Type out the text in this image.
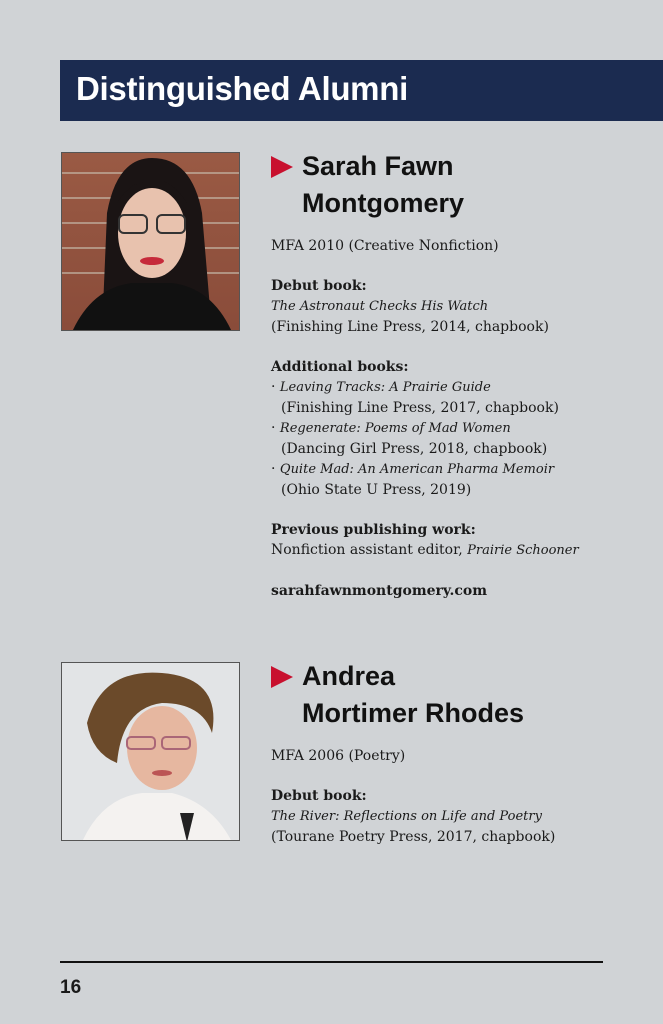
Distinguished Alumni
Sarah Fawn
Montgomery

MFA 2010 (Creative Nonfiction)

Debut book:
The Astronaut Checks His Watch
(Finishing Line Press, 2014, chapbook)

Additional books:
· Leaving Tracks: A Prairie Guide
(Finishing Line Press, 2017, chapbook)
· Regenerate: Poems of Mad Women
(Dancing Girl Press, 2018, chapbook)
· Quite Mad: An American Pharma Memoir
(Ohio State U Press, 2019)

Previous publishing work:
Nonfiction assistant editor, Prairie Schooner

sarahfawnmontgomery.com

Andrea
Mortimer Rhodes

MFA 2006 (Poetry)

Debut book:
The River: Reflections on Life and Poetry
(Tourane Poetry Press, 2017, chapbook)

16
